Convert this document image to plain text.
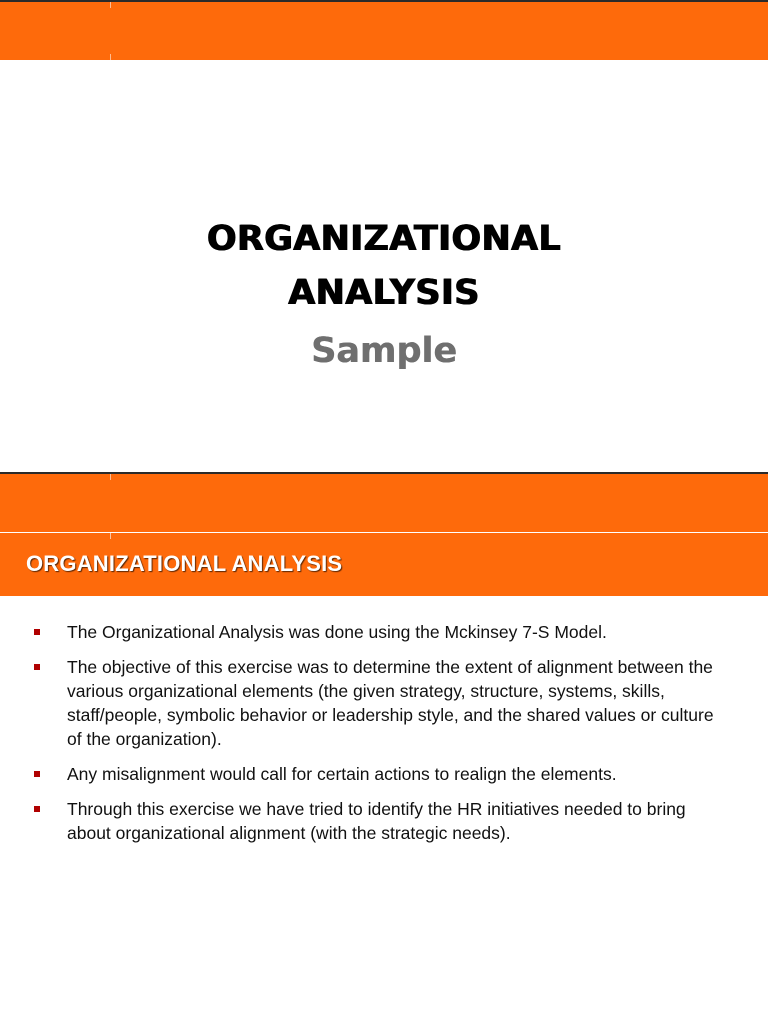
ORGANIZATIONAL
ANALYSIS
Sample
ORGANIZATIONAL ANALYSIS
The Organizational Analysis was done using the Mckinsey 7-S Model.
The objective of this exercise was to determine the extent of alignment between the various organizational elements (the given strategy, structure, systems, skills, staff/people, symbolic behavior or leadership style, and the shared values or culture of the organization).
Any misalignment would call for certain actions to realign the elements.
Through this exercise we have tried to identify the HR initiatives needed to bring about organizational alignment (with the strategic needs).
